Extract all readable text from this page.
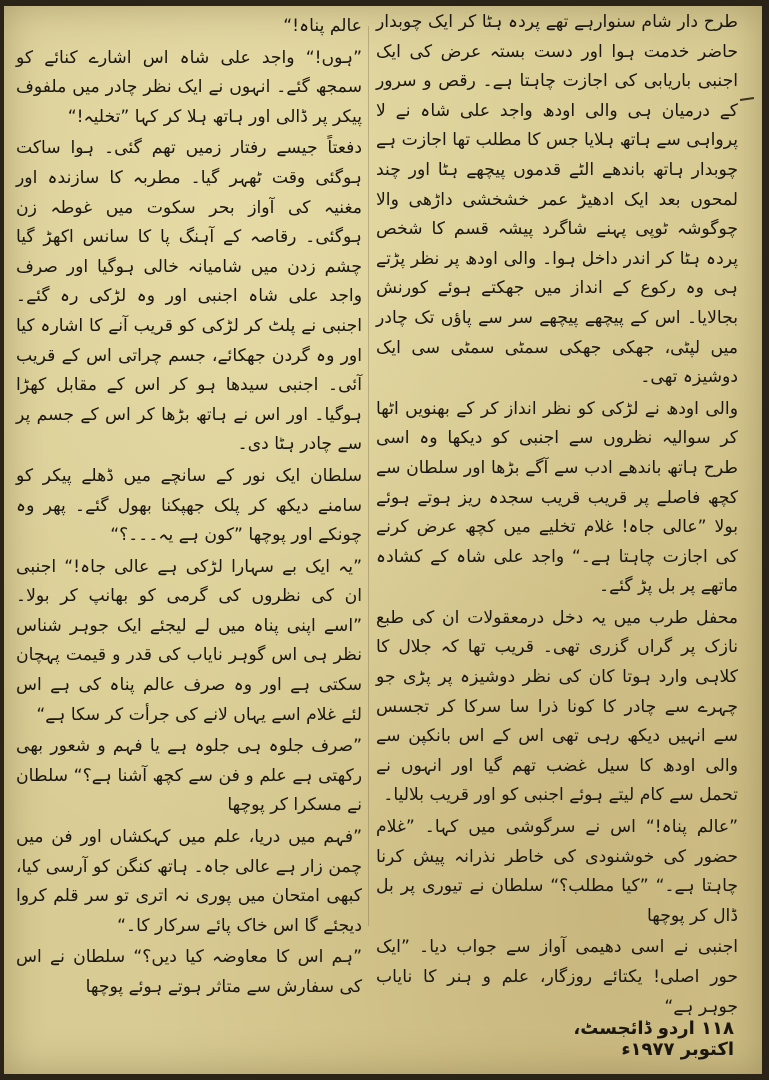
طرح دار شام سنوارہے تھے پردہ ہٹا کر ایک چوبدار حاضر خدمت ہوا اور دست بستہ عرض کی ایک اجنبی باریابی کی اجازت چاہتا ہے۔ رقص و سرور کے درمیان ہی والی اودھ واجد علی شاہ نے لا پرواہی سے ہاتھ ہلایا جس کا مطلب تھا اجازت ہے چوبدار ہاتھ باندھے الٹے قدموں پیچھے ہٹا اور چند لمحوں بعد ایک ادھیڑ عمر خشخشی داڑھی والا چوگوشہ ٹوپی پہنے شاگرد پیشہ قسم کا شخص پردہ ہٹا کر اندر داخل ہوا۔ والی اودھ پر نظر پڑتے ہی وہ رکوع کے انداز میں جھکتے ہوئے کورنش بجالایا۔ اس کے پیچھے پیچھے سر سے پاؤں تک چادر میں لپٹی، جھکی جھکی سمٹی سمٹی سی ایک دوشیزہ تھی۔

والی اودھ نے لڑکی کو نظر انداز کر کے بھنویں اٹھا کر سوالیہ نظروں سے اجنبی کو دیکھا وہ اسی طرح ہاتھ باندھے ادب سے آگے بڑھا اور سلطان سے کچھ فاصلے پر قریب قریب سجدہ ریز ہوتے ہوئے بولا ”عالی جاہ! غلام تخلیے میں کچھ عرض کرنے کی اجازت چاہتا ہے۔“ واجد علی شاہ کے کشادہ ماتھے پر بل پڑ گئے۔

محفل طرب میں یہ دخل درمعقولات ان کی طبع نازک پر گراں گزری تھی۔ قریب تھا کہ جلال کا کلاہی وارد ہوتا کان کی نظر دوشیزہ پر پڑی جو چہرے سے چادر کا کونا ذرا سا سرکا کر تجسس سے انہیں دیکھ رہی تھی اس کے اس بانکپن سے والی اودھ کا سیل غضب تھم گیا اور انہوں نے تحمل سے کام لیتے ہوئے اجنبی کو اور قریب بلالیا۔

”عالم پناہ!“ اس نے سرگوشی میں کہا۔ ”غلام حضور کی خوشنودی کی خاطر نذرانہ پیش کرنا چاہتا ہے۔“ ”کیا مطلب؟“ سلطان نے تیوری پر بل ڈال کر پوچھا

اجنبی نے اسی دھیمی آواز سے جواب دیا۔ ”ایک حور اصلی! یکتائے روزگار، علم و ہنر کا نایاب جوہر ہے“

عالم پناہ!“

”ہوں!“ واجد علی شاہ اس اشارے کنائے کو سمجھ گئے۔ انہوں نے ایک نظر چادر میں ملفوف پیکر پر ڈالی اور ہاتھ ہلا کر کہا ”تخلیہ!“

دفعتاً جیسے رفتار زمیں تھم گئی۔ ہوا ساکت ہوگئی وقت ٹھہر گیا۔ مطربہ کا سازندہ اور مغنیہ کی آواز بحر سکوت میں غوطہ زن ہوگئی۔ رقاصہ کے آہنگ پا کا سانس اکھڑ گیا چشم زدن میں شامیانہ خالی ہوگیا اور صرف واجد علی شاہ اجنبی اور وہ لڑکی رہ گئے۔ اجنبی نے پلٹ کر لڑکی کو قریب آنے کا اشارہ کیا اور وہ گردن جھکائے، جسم چراتی اس کے قریب آئی۔ اجنبی سیدھا ہو کر اس کے مقابل کھڑا ہوگیا۔ اور اس نے ہاتھ بڑھا کر اس کے جسم پر سے چادر ہٹا دی۔

سلطان ایک نور کے سانچے میں ڈھلے پیکر کو سامنے دیکھ کر پلک جھپکنا بھول گئے۔ پھر وہ چونکے اور پوچھا ”کون ہے یہ۔۔۔؟“

”یہ ایک بے سہارا لڑکی ہے عالی جاہ!“ اجنبی ان کی نظروں کی گرمی کو بھانپ کر بولا۔ ”اسے اپنی پناہ میں لے لیجئے ایک جوہر شناس نظر ہی اس گوہر نایاب کی قدر و قیمت پہچان سکتی ہے اور وہ صرف عالم پناہ کی ہے اس لئے غلام اسے یہاں لانے کی جرأت کر سکا ہے“

”صرف جلوہ ہی جلوہ ہے یا فہم و شعور بھی رکھتی ہے علم و فن سے کچھ آشنا ہے؟“ سلطان نے مسکرا کر پوچھا

”فہم میں دریا، علم میں کہکشاں اور فن میں چمن زار ہے عالی جاہ۔ ہاتھ کنگن کو آرسی کیا، کبھی امتحان میں پوری نہ اتری تو سر قلم کروا دیجئے گا اس خاک پائے سرکار کا۔“

”ہم اس کا معاوضہ کیا دیں؟“ سلطان نے اس کی سفارش سے متاثر ہوتے ہوئے پوچھا

۱۱۸ اردو ڈائجسٹ، اکتوبر ۱۹۷۷ء
